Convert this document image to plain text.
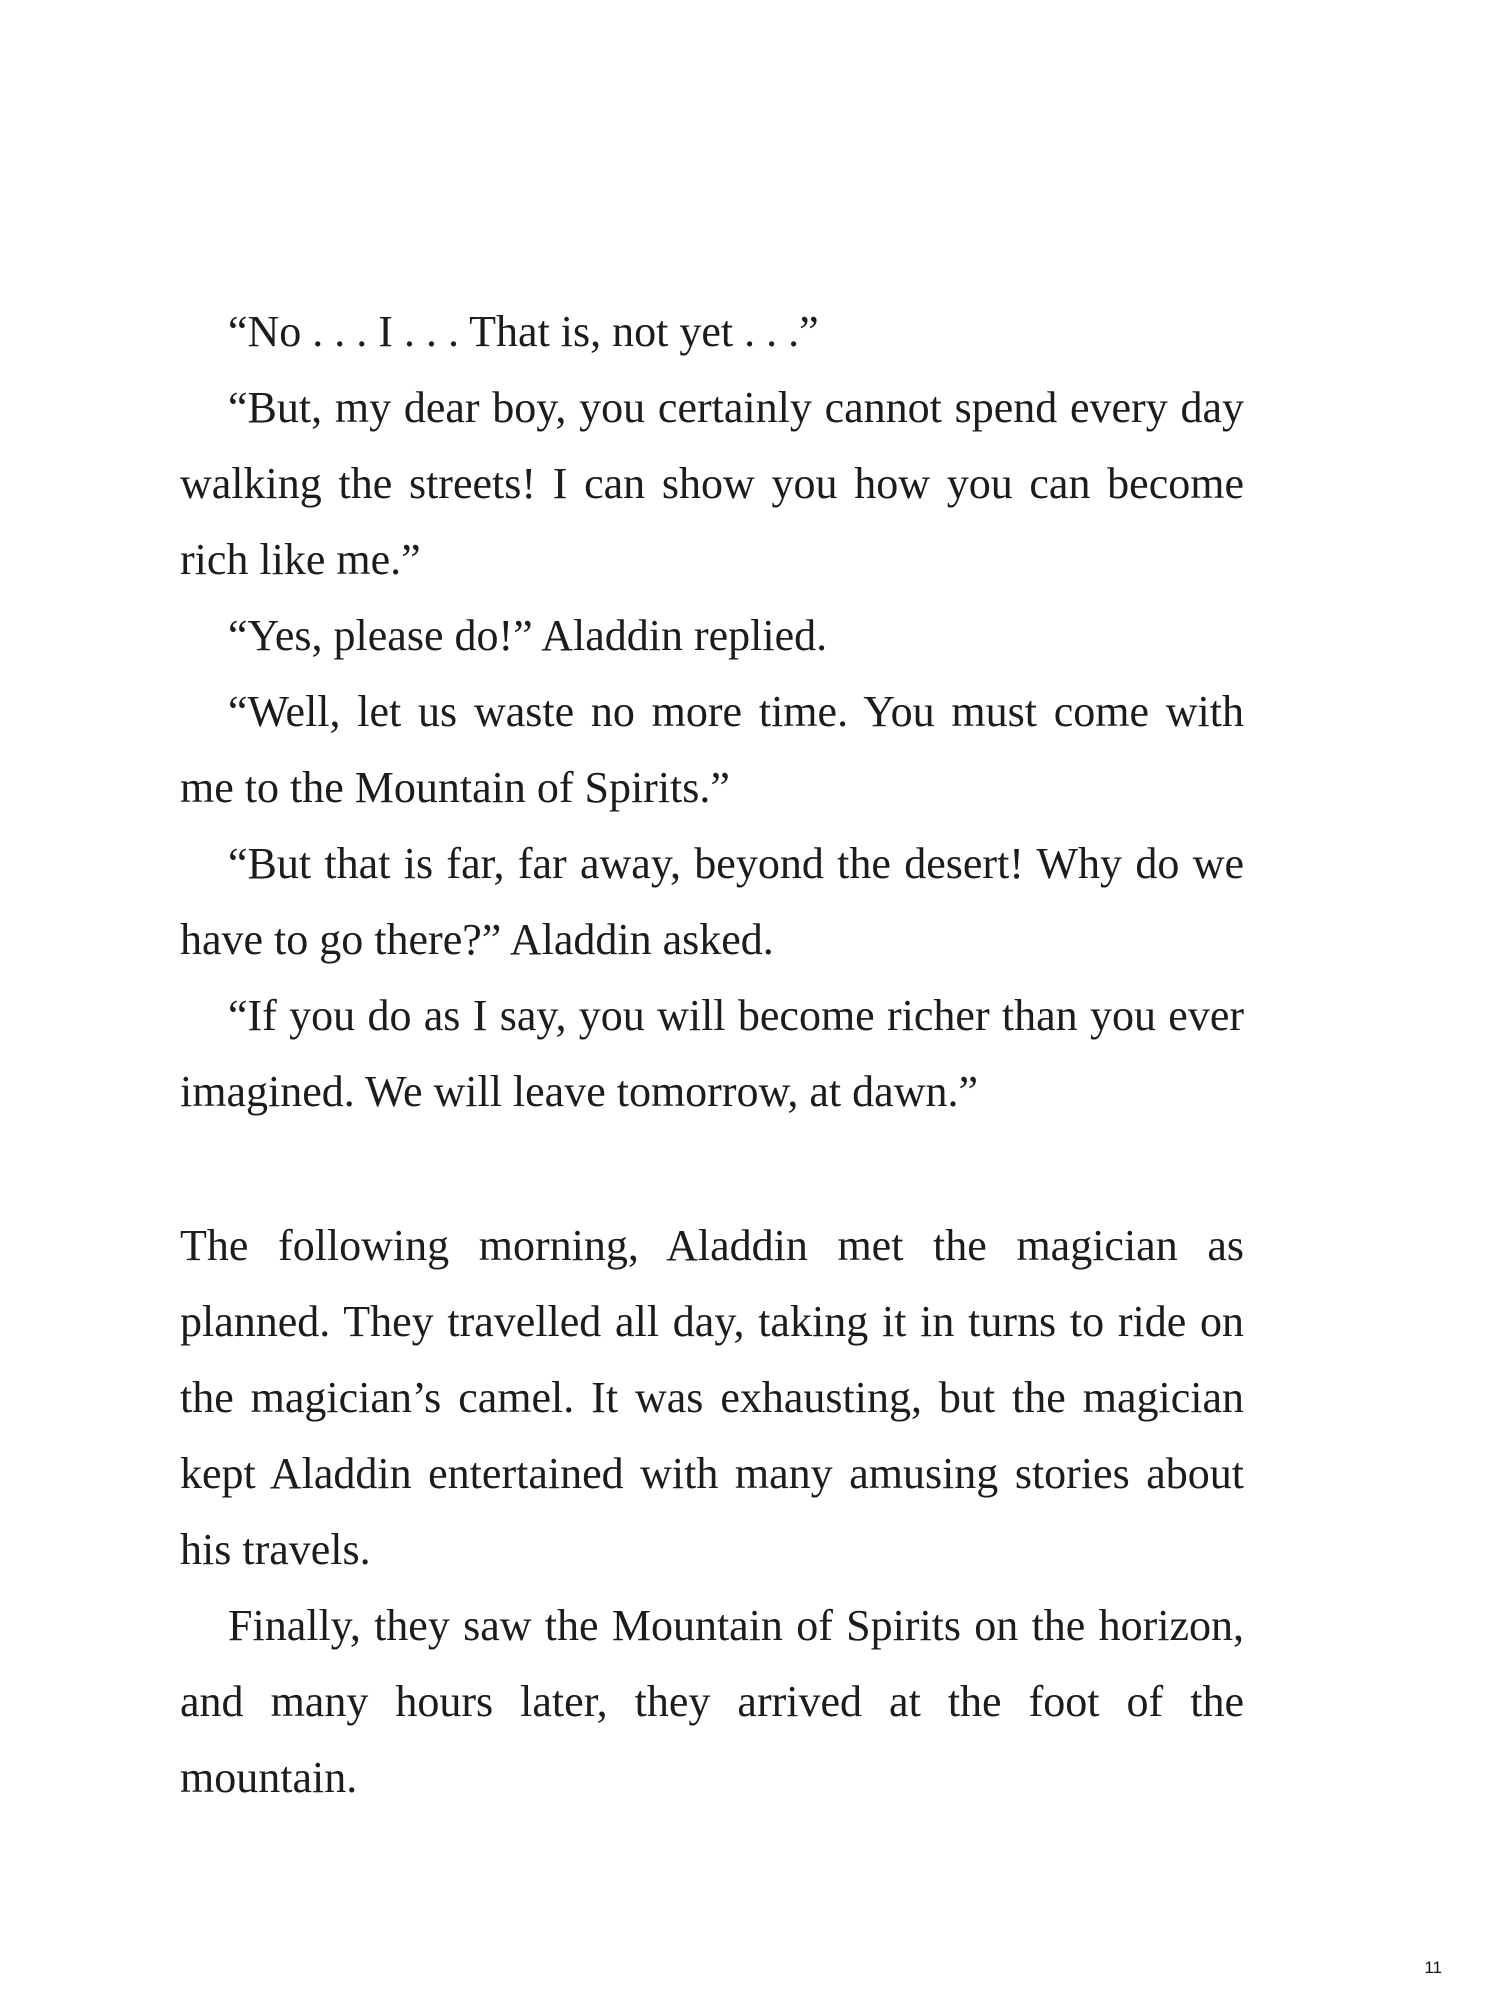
“No . . . I . . . That is, not yet . . .”

“But, my dear boy, you certainly cannot spend every day walking the streets! I can show you how you can become rich like me.”

“Yes, please do!” Aladdin replied.

“Well, let us waste no more time. You must come with me to the Mountain of Spirits.”

“But that is far, far away, beyond the desert! Why do we have to go there?” Aladdin asked.

“If you do as I say, you will become richer than you ever imagined. We will leave tomorrow, at dawn.”

The following morning, Aladdin met the magician as planned. They travelled all day, taking it in turns to ride on the magician’s camel. It was exhausting, but the magician kept Aladdin entertained with many amusing stories about his travels.

Finally, they saw the Mountain of Spirits on the horizon, and many hours later, they arrived at the foot of the mountain.

11
